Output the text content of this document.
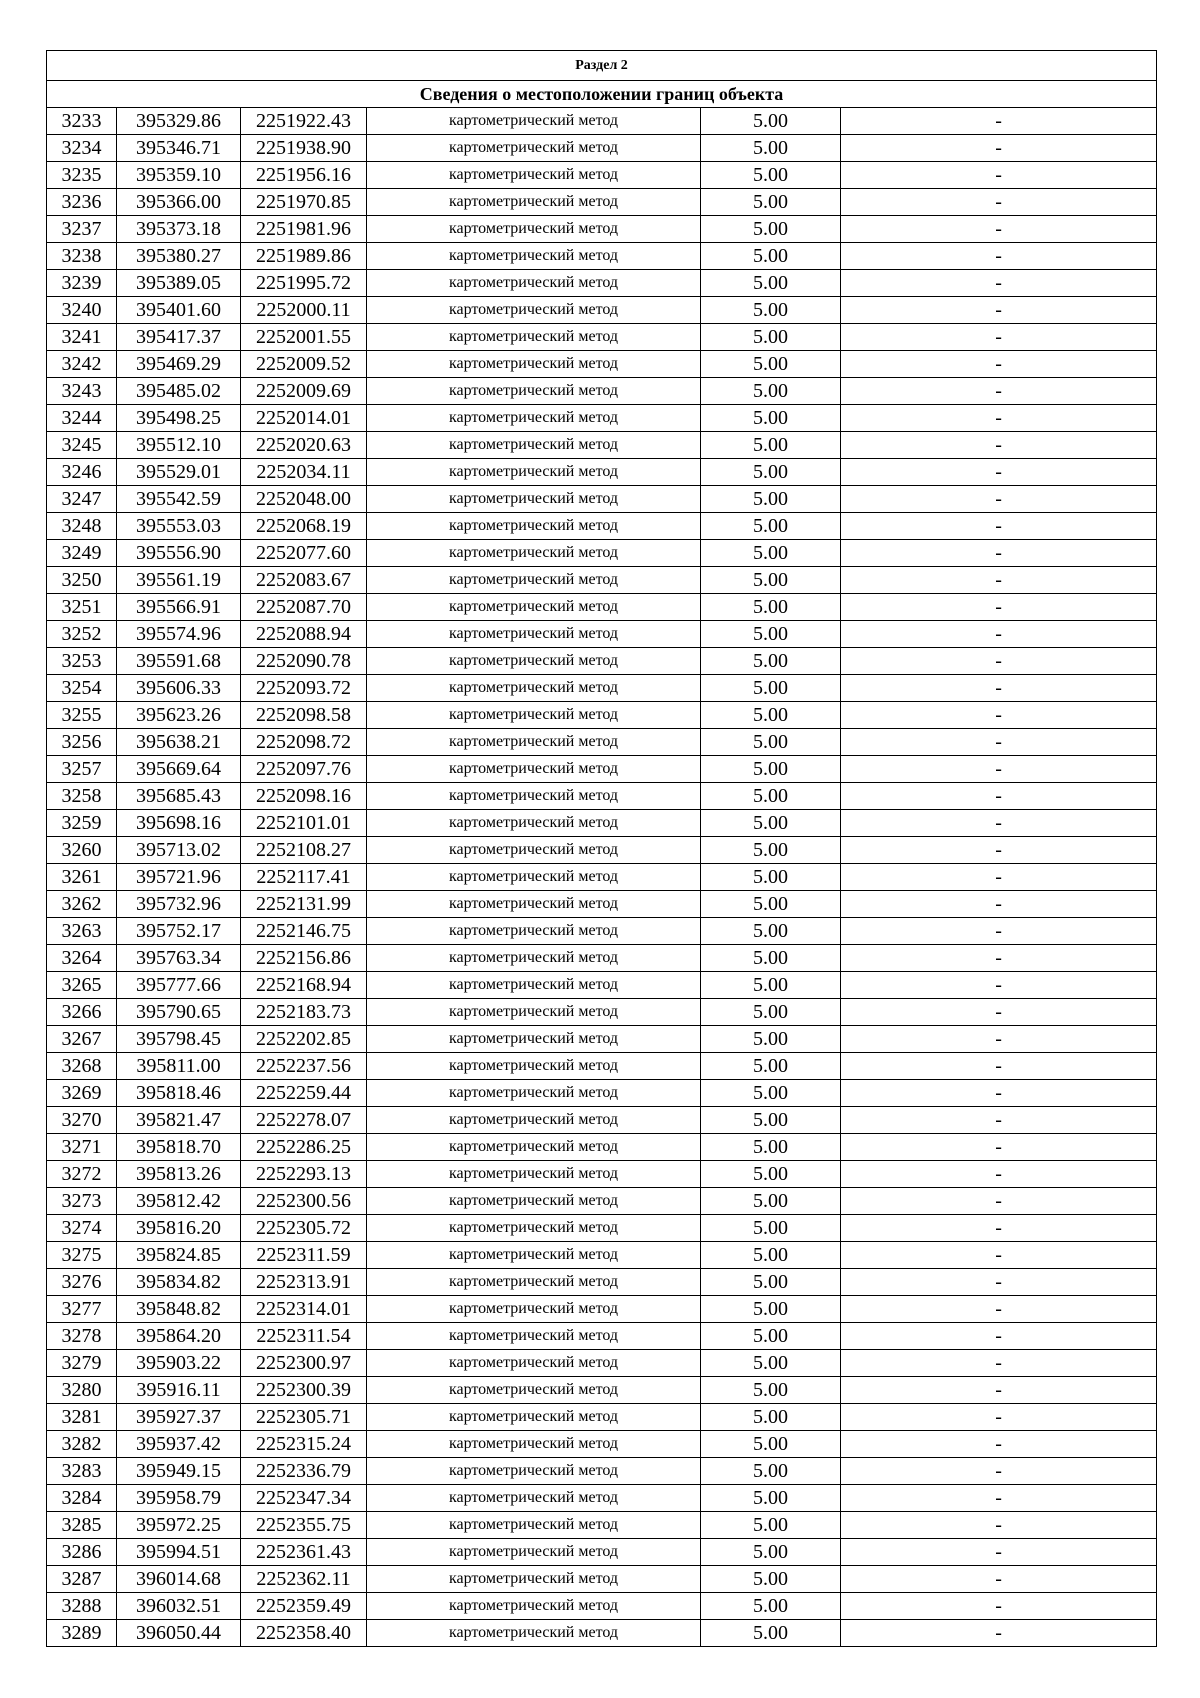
Раздел 2					
Сведения о местоположении границ объекта					
3233	395329.86	2251922.43	картометрический метод	5.00	-
3234	395346.71	2251938.90	картометрический метод	5.00	-
3235	395359.10	2251956.16	картометрический метод	5.00	-
3236	395366.00	2251970.85	картометрический метод	5.00	-
3237	395373.18	2251981.96	картометрический метод	5.00	-
3238	395380.27	2251989.86	картометрический метод	5.00	-
3239	395389.05	2251995.72	картометрический метод	5.00	-
3240	395401.60	2252000.11	картометрический метод	5.00	-
3241	395417.37	2252001.55	картометрический метод	5.00	-
3242	395469.29	2252009.52	картометрический метод	5.00	-
3243	395485.02	2252009.69	картометрический метод	5.00	-
3244	395498.25	2252014.01	картометрический метод	5.00	-
3245	395512.10	2252020.63	картометрический метод	5.00	-
3246	395529.01	2252034.11	картометрический метод	5.00	-
3247	395542.59	2252048.00	картометрический метод	5.00	-
3248	395553.03	2252068.19	картометрический метод	5.00	-
3249	395556.90	2252077.60	картометрический метод	5.00	-
3250	395561.19	2252083.67	картометрический метод	5.00	-
3251	395566.91	2252087.70	картометрический метод	5.00	-
3252	395574.96	2252088.94	картометрический метод	5.00	-
3253	395591.68	2252090.78	картометрический метод	5.00	-
3254	395606.33	2252093.72	картометрический метод	5.00	-
3255	395623.26	2252098.58	картометрический метод	5.00	-
3256	395638.21	2252098.72	картометрический метод	5.00	-
3257	395669.64	2252097.76	картометрический метод	5.00	-
3258	395685.43	2252098.16	картометрический метод	5.00	-
3259	395698.16	2252101.01	картометрический метод	5.00	-
3260	395713.02	2252108.27	картометрический метод	5.00	-
3261	395721.96	2252117.41	картометрический метод	5.00	-
3262	395732.96	2252131.99	картометрический метод	5.00	-
3263	395752.17	2252146.75	картометрический метод	5.00	-
3264	395763.34	2252156.86	картометрический метод	5.00	-
3265	395777.66	2252168.94	картометрический метод	5.00	-
3266	395790.65	2252183.73	картометрический метод	5.00	-
3267	395798.45	2252202.85	картометрический метод	5.00	-
3268	395811.00	2252237.56	картометрический метод	5.00	-
3269	395818.46	2252259.44	картометрический метод	5.00	-
3270	395821.47	2252278.07	картометрический метод	5.00	-
3271	395818.70	2252286.25	картометрический метод	5.00	-
3272	395813.26	2252293.13	картометрический метод	5.00	-
3273	395812.42	2252300.56	картометрический метод	5.00	-
3274	395816.20	2252305.72	картометрический метод	5.00	-
3275	395824.85	2252311.59	картометрический метод	5.00	-
3276	395834.82	2252313.91	картометрический метод	5.00	-
3277	395848.82	2252314.01	картометрический метод	5.00	-
3278	395864.20	2252311.54	картометрический метод	5.00	-
3279	395903.22	2252300.97	картометрический метод	5.00	-
3280	395916.11	2252300.39	картометрический метод	5.00	-
3281	395927.37	2252305.71	картометрический метод	5.00	-
3282	395937.42	2252315.24	картометрический метод	5.00	-
3283	395949.15	2252336.79	картометрический метод	5.00	-
3284	395958.79	2252347.34	картометрический метод	5.00	-
3285	395972.25	2252355.75	картометрический метод	5.00	-
3286	395994.51	2252361.43	картометрический метод	5.00	-
3287	396014.68	2252362.11	картометрический метод	5.00	-
3288	396032.51	2252359.49	картометрический метод	5.00	-
3289	396050.44	2252358.40	картометрический метод	5.00	-
